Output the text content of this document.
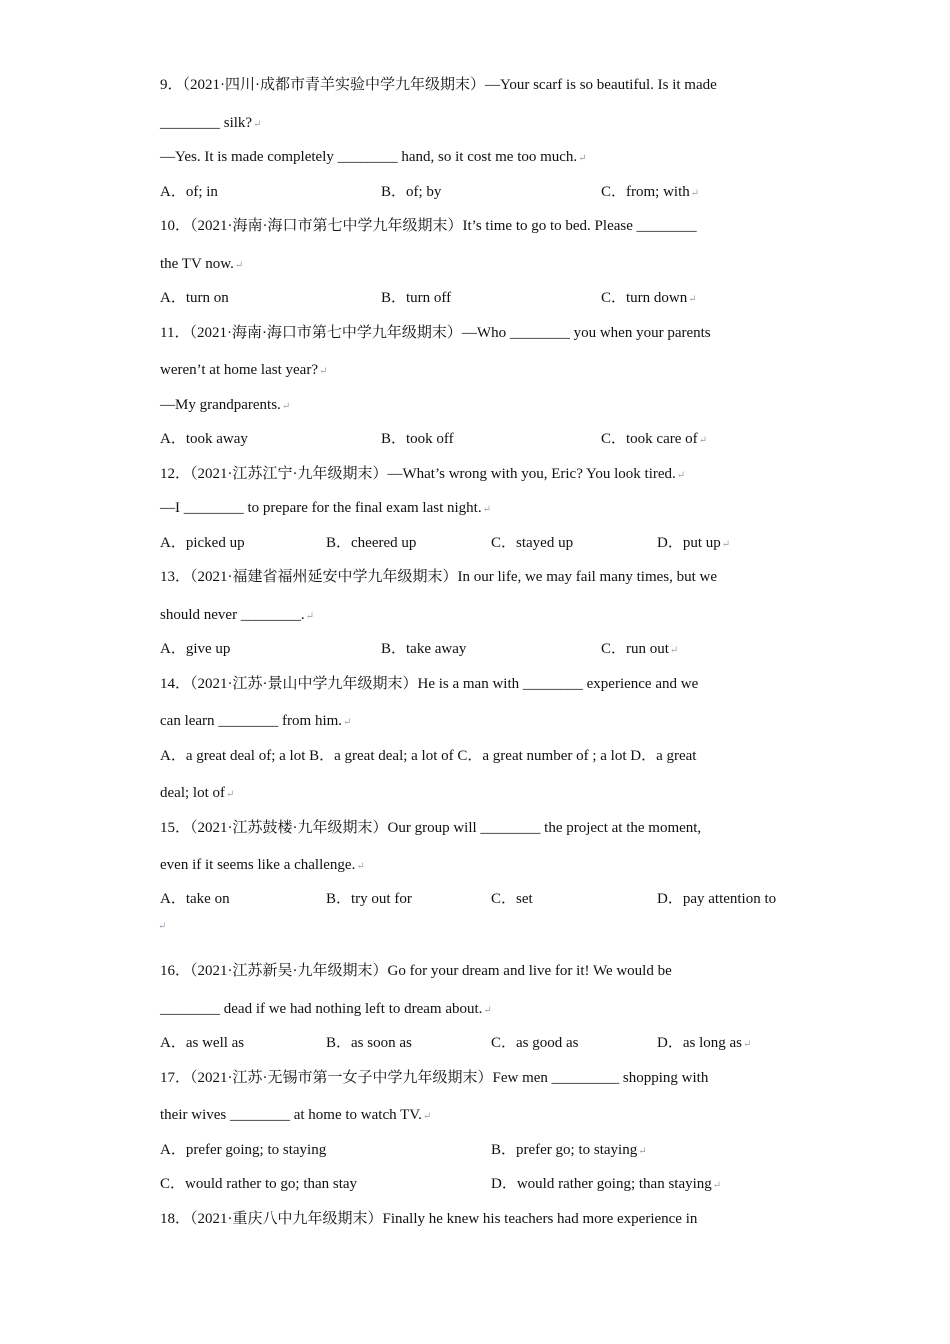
9．（2021·四川·成都市青羊实验中学九年级期末）—Your scarf is so beautiful. Is it made
________ silk?↵
—Yes. It is made completely ________ hand, so it cost me too much.↵
A．of; in	B．of; by	C．from; with↵
10．（2021·海南·海口市第七中学九年级期末）It’s time to go to bed. Please ________
the TV now.↵
A．turn on	B．turn off	C．turn down↵
11．（2021·海南·海口市第七中学九年级期末）—Who ________ you when your parents
weren’t at home last year?↵
—My grandparents.↵
A．took away	B．took off	C．took care of↵
12．（2021·江苏江宁·九年级期末）—What’s wrong with you, Eric? You look tired.↵
—I ________ to prepare for the final exam last night.↵
A．picked up	B．cheered up	C．stayed up	D．put up↵
13．（2021·福建省福州延安中学九年级期末）In our life, we may fail many times, but we
should never ________.↵
A．give up	B．take away	C．run out↵
14．（2021·江苏·景山中学九年级期末）He is a man with ________ experience and we
can learn ________ from him.↵
A．a great deal of; a lot B．a great deal; a lot of C．a great number of ; a lot D．a great
deal; lot of↵
15．（2021·江苏鼓楼·九年级期末）Our group will ________ the project at the moment,
even if it seems like a challenge.↵
A．take on	B．try out for	C．set	D．pay attention to
↵
16．（2021·江苏新吴·九年级期末）Go for your dream and live for it! We would be
________ dead if we had nothing left to dream about.↵
A．as well as	B．as soon as	C．as good as	D．as long as↵
17．（2021·江苏·无锡市第一女子中学九年级期末）Few men _________ shopping with
their wives ________ at home to watch TV.↵
A．prefer going; to staying	B．prefer go; to staying↵
C．would rather to go; than stay	D．would rather going; than staying↵
18．（2021·重庆八中九年级期末）Finally he knew his teachers had more experience in
